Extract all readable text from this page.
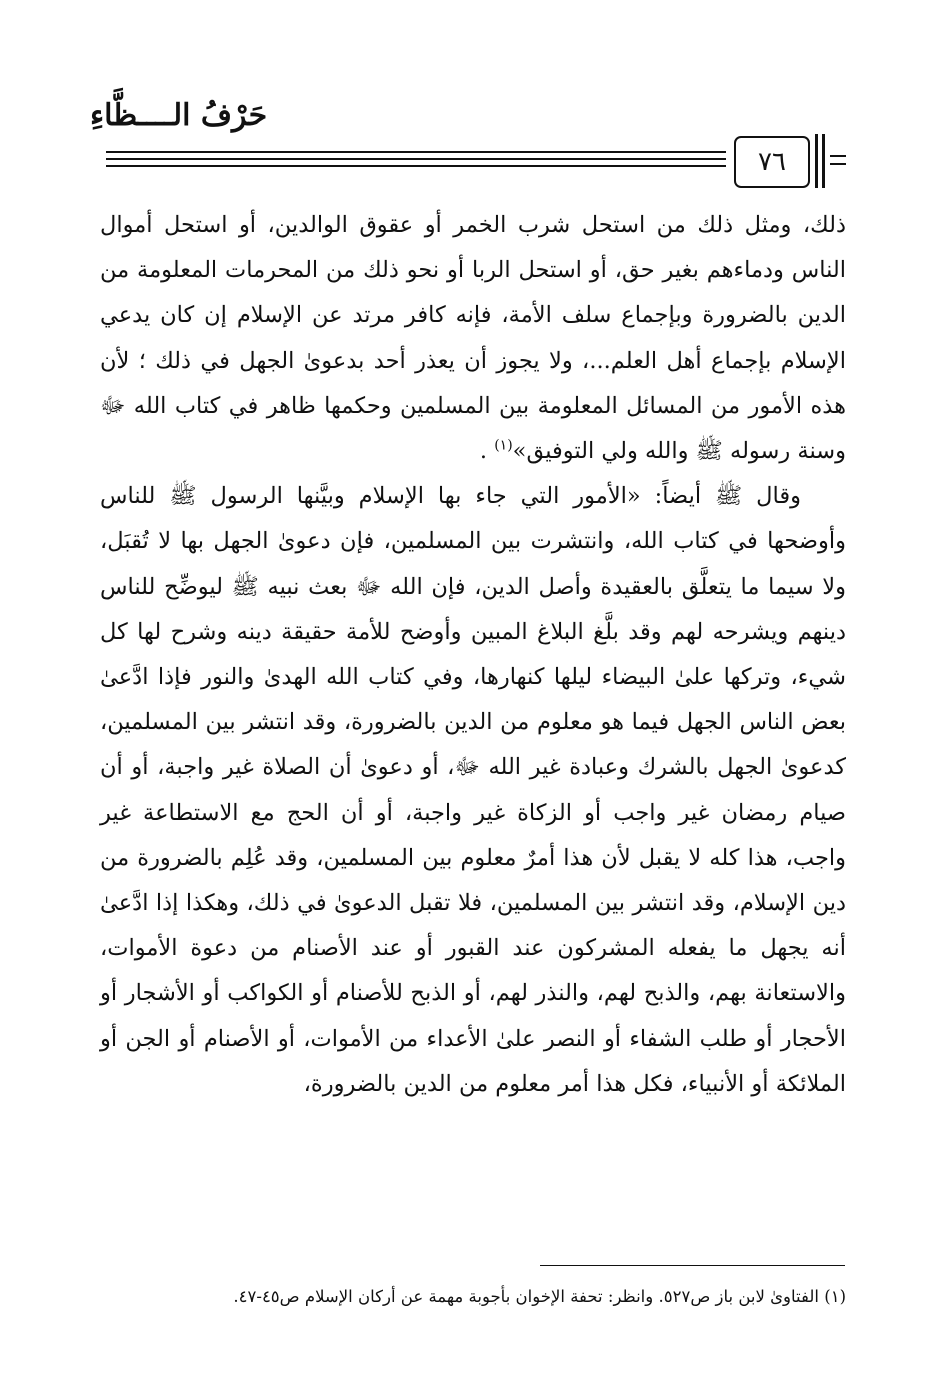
حَرْفُ الــــظَّاءِ
٧٦

ذلك، ومثل ذلك من استحل شرب الخمر أو عقوق الوالدين، أو استحل أموال الناس ودماءهم بغير حق، أو استحل الربا أو نحو ذلك من المحرمات المعلومة من الدين بالضرورة وبإجماع سلف الأمة، فإنه كافر مرتد عن الإسلام إن كان يدعي الإسلام بإجماع أهل العلم...، ولا يجوز أن يعذر أحد بدعوىٰ الجهل في ذلك ؛ لأن هذه الأمور من المسائل المعلومة بين المسلمين وحكمها ظاهر في كتاب الله ﷻ وسنة رسوله ﷺ والله ولي التوفيق»$^{(١)}$ .

وقال ﷺ أيضاً: «الأمور التي جاء بها الإسلام وبيَّنها الرسول ﷺ للناس وأوضحها في كتاب الله، وانتشرت بين المسلمين، فإن دعوىٰ الجهل بها لا تُقبَل، ولا سيما ما يتعلَّق بالعقيدة وأصل الدين، فإن الله ﷻ بعث نبيه ﷺ ليوضِّح للناس دينهم ويشرحه لهم وقد بلَّغ البلاغ المبين وأوضح للأمة حقيقة دينه وشرح لها كل شيء، وتركها علىٰ البيضاء ليلها كنهارها، وفي كتاب الله الهدىٰ والنور فإذا ادَّعىٰ بعض الناس الجهل فيما هو معلوم من الدين بالضرورة، وقد انتشر بين المسلمين، كدعوىٰ الجهل بالشرك وعبادة غير الله ﷻ، أو دعوىٰ أن الصلاة غير واجبة، أو أن صيام رمضان غير واجب أو الزكاة غير واجبة، أو أن الحج مع الاستطاعة غير واجب، هذا كله لا يقبل لأن هذا أمرٌ معلوم بين المسلمين، وقد عُلِم بالضرورة من دين الإسلام، وقد انتشر بين المسلمين، فلا تقبل الدعوىٰ في ذلك، وهكذا إذا ادَّعىٰ أنه يجهل ما يفعله المشركون عند القبور أو عند الأصنام من دعوة الأموات، والاستعانة بهم، والذبح لهم، والنذر لهم، أو الذبح للأصنام أو الكواكب أو الأشجار أو الأحجار أو طلب الشفاء أو النصر علىٰ الأعداء من الأموات، أو الأصنام أو الجن أو الملائكة أو الأنبياء، فكل هذا أمر معلوم من الدين بالضرورة،

(١) الفتاوىٰ لابن باز ص٥٢٧. وانظر: تحفة الإخوان بأجوبة مهمة عن أركان الإسلام ص٤٥-٤٧.
